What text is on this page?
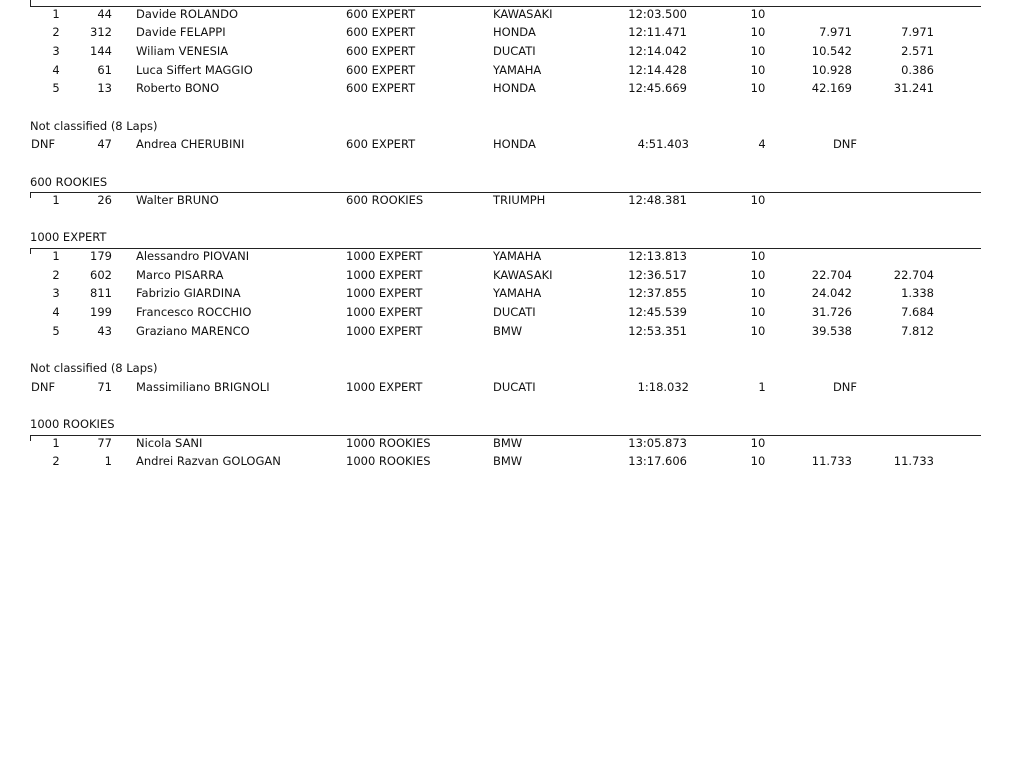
1	44 Davide ROLANDO	600 EXPERT	KAWASAKI	12:03.500	10
2	312 Davide FELAPPI	600 EXPERT	HONDA	12:11.471	10	7.971	7.971
3	144 Wiliam VENESIA	600 EXPERT	DUCATI	12:14.042	10	10.542	2.571
4	61 Luca Siffert MAGGIO	600 EXPERT	YAMAHA	12:14.428	10	10.928	0.386
5	13 Roberto BONO	600 EXPERT	HONDA	12:45.669	10	42.169	31.241
Not classified (8 Laps)
DNF	47 Andrea CHERUBINI	600 EXPERT	HONDA	4:51.403	4	DNF
600 ROOKIES
1	26 Walter BRUNO	600 ROOKIES	TRIUMPH	12:48.381	10
1000 EXPERT
1	179 Alessandro PIOVANI	1000 EXPERT	YAMAHA	12:13.813	10
2	602 Marco PISARRA	1000 EXPERT	KAWASAKI	12:36.517	10	22.704	22.704
3	811 Fabrizio GIARDINA	1000 EXPERT	YAMAHA	12:37.855	10	24.042	1.338
4	199 Francesco ROCCHIO	1000 EXPERT	DUCATI	12:45.539	10	31.726	7.684
5	43 Graziano MARENCO	1000 EXPERT	BMW	12:53.351	10	39.538	7.812
Not classified (8 Laps)
DNF	71 Massimiliano BRIGNOLI	1000 EXPERT	DUCATI	1:18.032	1	DNF
1000 ROOKIES
1	77 Nicola SANI	1000 ROOKIES	BMW	13:05.873	10
2	1 Andrei Razvan GOLOGAN	1000 ROOKIES	BMW	13:17.606	10	11.733	11.733
